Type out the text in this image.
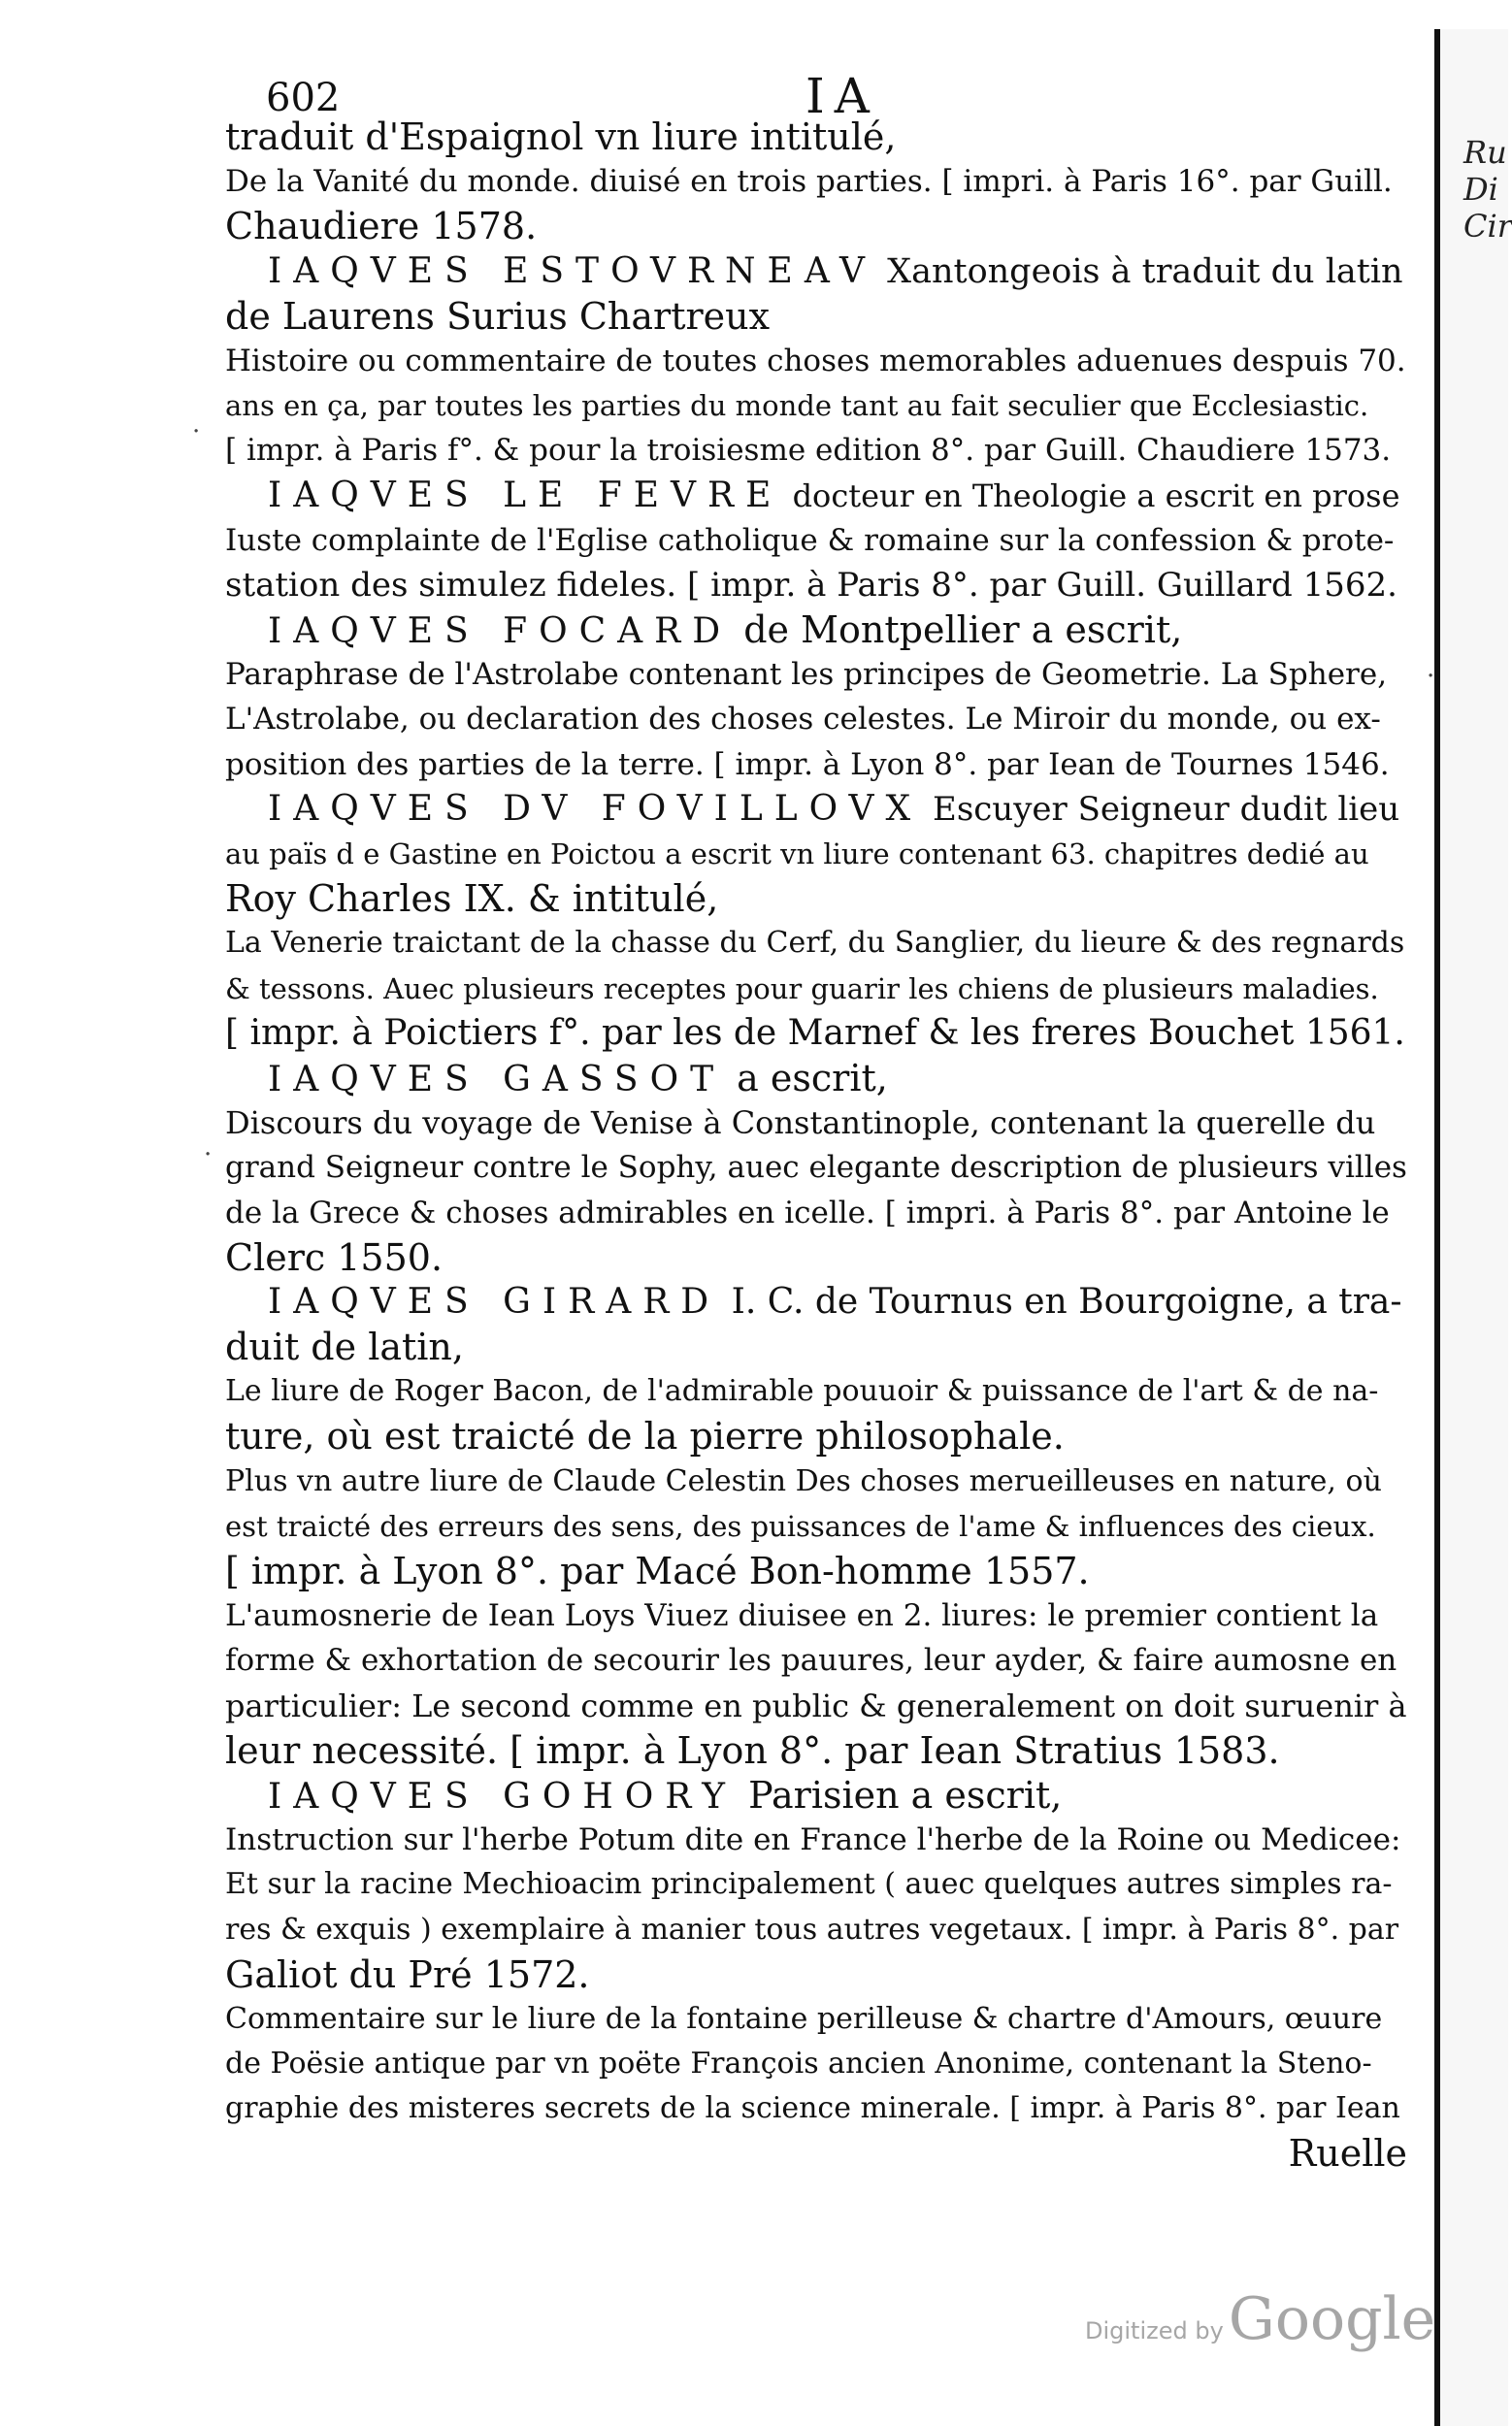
602	IA
traduit d'Espaignol vn liure intitulé,
De la Vanité du monde. diuisé en trois parties. [ impri. à Paris 16°. par Guill.
Chaudiere 1578.
IAQVES ESTOVRNEAV Xantongeois à traduit du latin
de Laurens Surius Chartreux
Histoire ou commentaire de toutes choses memorables aduenues despuis 70.
ans en ça, par toutes les parties du monde tant au fait seculier que Ecclesiastic.
[ impr. à Paris f°. & pour la troisiesme edition 8°. par Guill. Chaudiere 1573.
IAQVES LE FEVRE docteur en Theologie a escrit en prose
Iuste complainte de l'Eglise catholique & romaine sur la confession & prote-
station des simulez fideles. [ impr. à Paris 8°. par Guill. Guillard 1562.
IAQVES FOCARD de Montpellier a escrit,
Paraphrase de l'Astrolabe contenant les principes de Geometrie. La Sphere,
L'Astrolabe, ou declaration des choses celestes. Le Miroir du monde, ou ex-
position des parties de la terre. [ impr. à Lyon 8°. par Iean de Tournes 1546.
IAQVES DV FOVILLOVX Escuyer Seigneur dudit lieu
au païs d e Gastine en Poictou a escrit vn liure contenant 63. chapitres dedié au
Roy Charles IX. & intitulé,
La Venerie traictant de la chasse du Cerf, du Sanglier, du lieure & des regnards
& tessons. Auec plusieurs receptes pour guarir les chiens de plusieurs maladies.
[ impr. à Poictiers f°. par les de Marnef & les freres Bouchet 1561.
IAQVES GASSOT a escrit,
Discours du voyage de Venise à Constantinople, contenant la querelle du
grand Seigneur contre le Sophy, auec elegante description de plusieurs villes
de la Grece & choses admirables en icelle. [ impri. à Paris 8°. par Antoine le
Clerc 1550.
IAQVES GIRARD I. C. de Tournus en Bourgoigne, a tra-
duit de latin,
Le liure de Roger Bacon, de l'admirable pouuoir & puissance de l'art & de na-
ture, où est traicté de la pierre philosophale.
Plus vn autre liure de Claude Celestin Des choses merueilleuses en nature, où
est traicté des erreurs des sens, des puissances de l'ame & influences des cieux.
[ impr. à Lyon 8°. par Macé Bon-homme 1557.
L'aumosnerie de Iean Loys Viuez diuisee en 2. liures: le premier contient la
forme & exhortation de secourir les pauures, leur ayder, & faire aumosne en
particulier: Le second comme en public & generalement on doit suruenir à
leur necessité. [ impr. à Lyon 8°. par Iean Stratius 1583.
IAQVES GOHORY Parisien a escrit,
Instruction sur l'herbe Potum dite en France l'herbe de la Roine ou Medicee:
Et sur la racine Mechioacim principalement ( auec quelques autres simples ra-
res & exquis ) exemplaire à manier tous autres vegetaux. [ impr. à Paris 8°. par
Galiot du Pré 1572.
Commentaire sur le liure de la fontaine perilleuse & chartre d'Amours, œuure
de Poësie antique par vn poëte François ancien Anonime, contenant la Steno-
graphie des misteres secrets de la science minerale. [ impr. à Paris 8°. par Iean
Ruelle
Ru
Di
Cir
·
·
·
Digitized by Google
